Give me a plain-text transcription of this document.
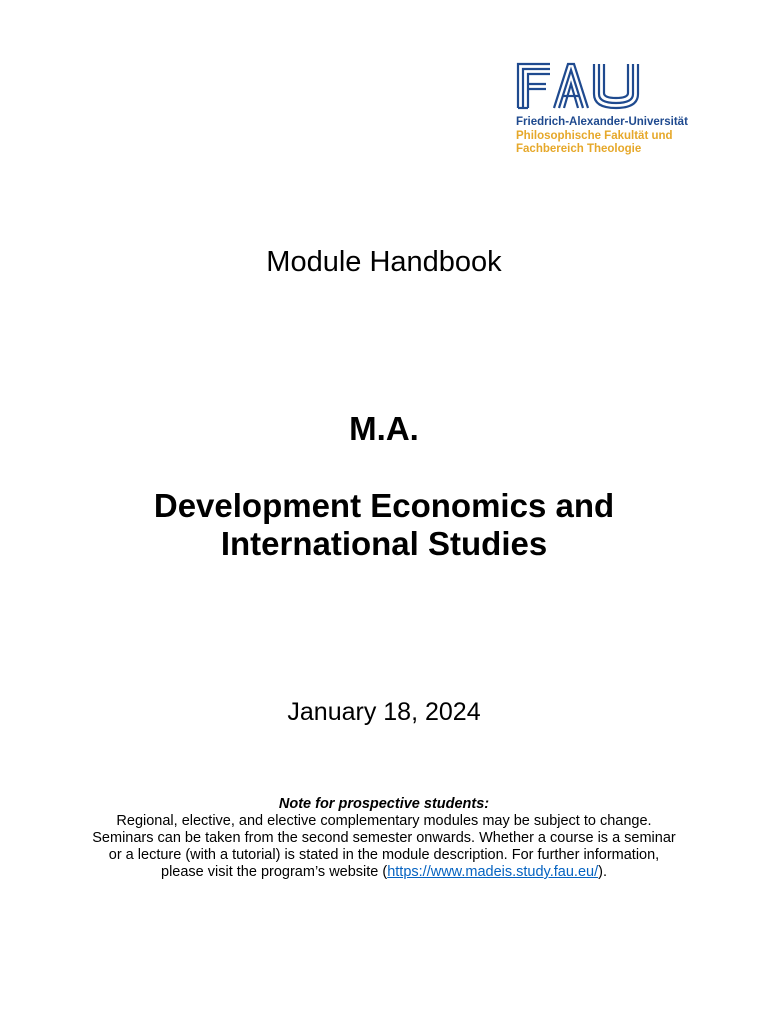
Friedrich-Alexander-Universität
Philosophische Fakultät und
Fachbereich Theologie
Module Handbook
M.A.
Development Economics and
International Studies
January 18, 2024
Note for prospective students:
Regional, elective, and elective complementary modules may be subject to change.
Seminars can be taken from the second semester onwards. Whether a course is a seminar
or a lecture (with a tutorial) is stated in the module description. For further information,
please visit the program’s website (https://www.madeis.study.fau.eu/).
